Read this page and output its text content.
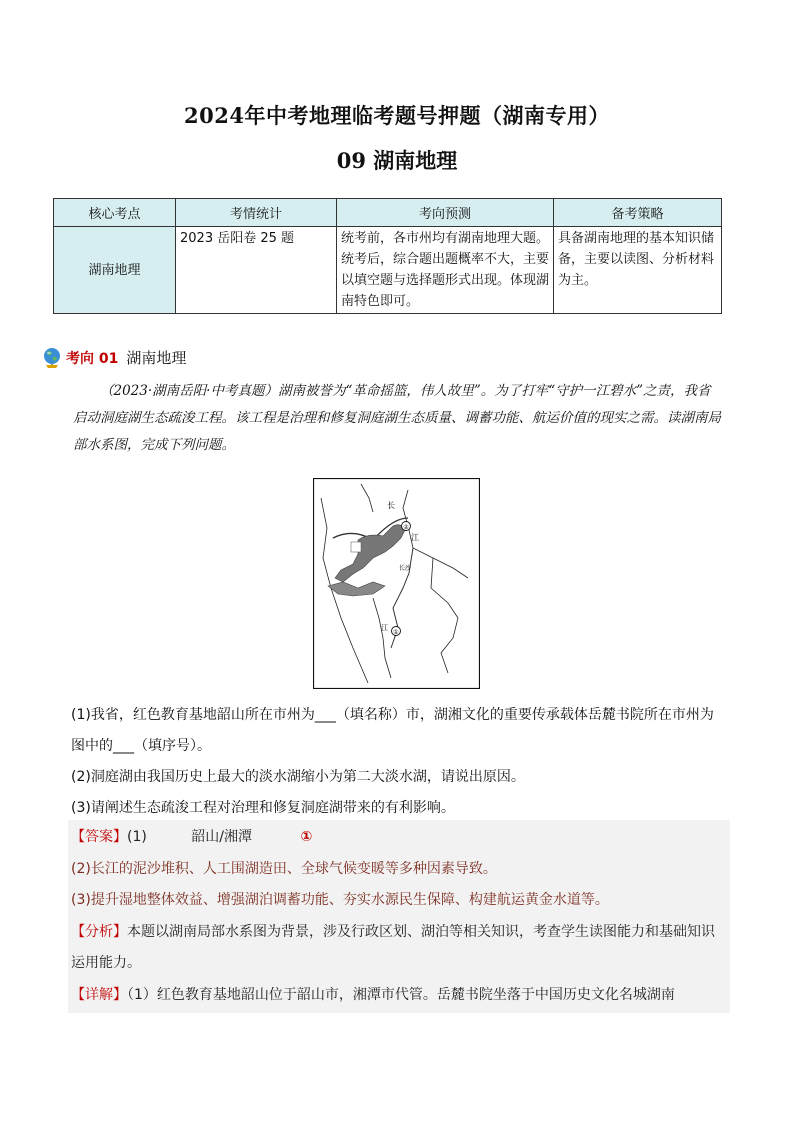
2024年中考地理临考题号押题（湖南专用）
09 湖南地理
核心考点	考情统计	考向预测	备考策略
湖南地理	2023 岳阳卷 25 题	统考前，各市州均有湖南地理大题。统考后，综合题出题概率不大，主要以填空题与选择题形式出现。体现湖南特色即可。	具备湖南地理的基本知识储备，主要以读图、分析材料为主。
考向 01 湖南地理
（2023·湖南岳阳·中考真题）湖南被誉为“革命摇篮，伟人故里”。为了打牢“守护一江碧水”之责，我省启动洞庭湖生态疏浚工程。该工程是治理和修复洞庭湖生态质量、调蓄功能、航运价值的现实之需。读湖南局部水系图，完成下列问题。
②
①
长
江
长沙
江

(1)我省，红色教育基地韶山所在市州为___（填名称）市，湖湘文化的重要传承载体岳麓书院所在市州为图中的___（填序号）。

(2)洞庭湖由我国历史上最大的淡水湖缩小为第二大淡水湖，请说出原因。

(3)请阐述生态疏浚工程对治理和修复洞庭湖带来的有利影响。

【答案】(1)	韶山/湘潭	①

(2)长江的泥沙堆积、人工围湖造田、全球气候变暖等多种因素导致。

(3)提升湿地整体效益、增强湖泊调蓄功能、夯实水源民生保障、构建航运黄金水道等。

【分析】本题以湖南局部水系图为背景，涉及行政区划、湖泊等相关知识，考查学生读图能力和基础知识运用能力。

【详解】（1）红色教育基地韶山位于韶山市，湘潭市代管。岳麓书院坐落于中国历史文化名城湖南
